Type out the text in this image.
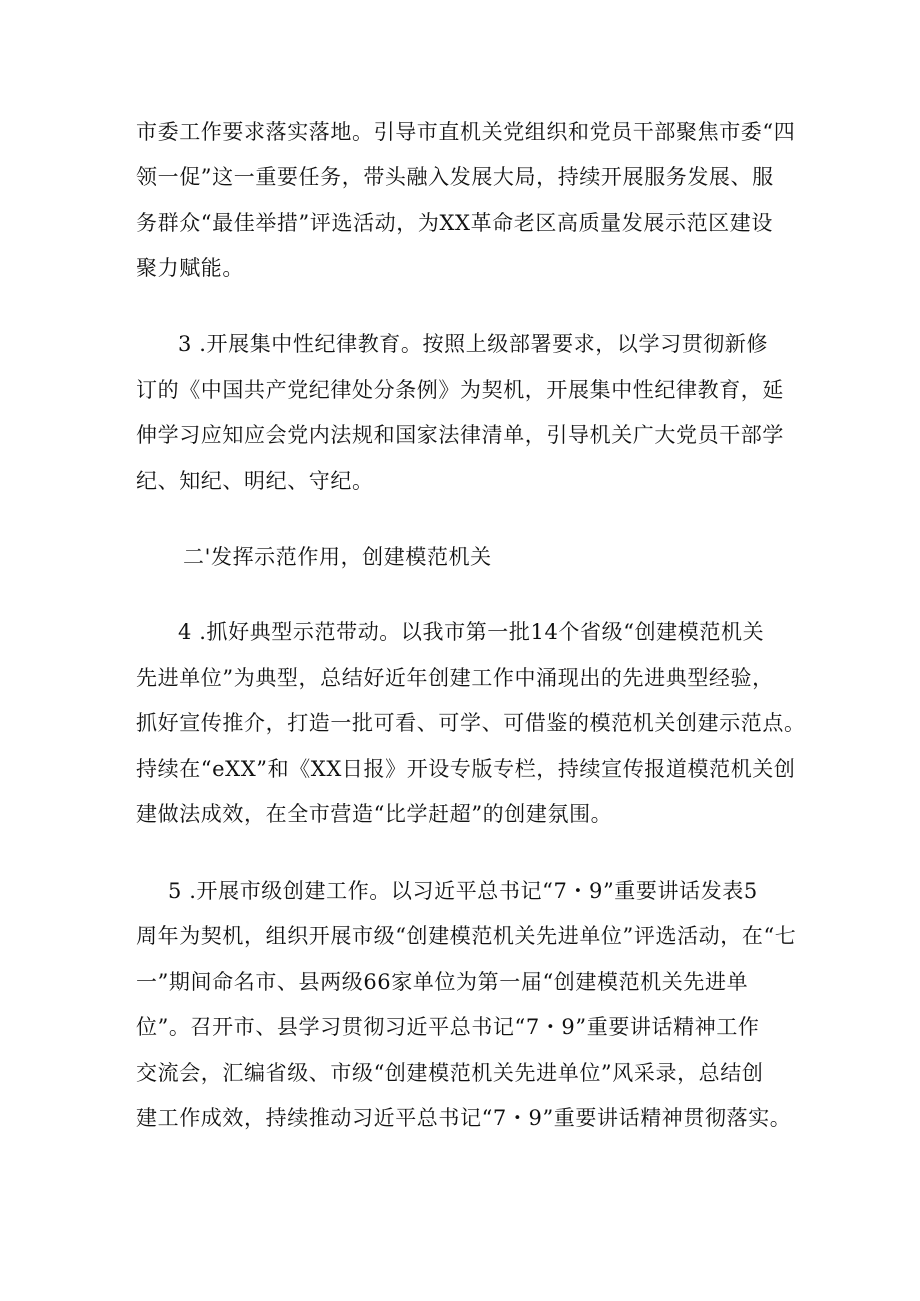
市委工作要求落实落地。引导市直机关党组织和党员干部聚焦市委“四
领一促”这一重要任务，带头融入发展大局，持续开展服务发展、服
务群众“最佳举措”评选活动，为XX革命老区高质量发展示范区建设
聚力赋能。
3 .开展集中性纪律教育。按照上级部署要求，以学习贯彻新修
订的《中国共产党纪律处分条例》为契机，开展集中性纪律教育，延
伸学习应知应会党内法规和国家法律清单，引导机关广大党员干部学
纪、知纪、明纪、守纪。
二'发挥示范作用，创建模范机关
4 .抓好典型示范带动。以我市第一批14个省级“创建模范机关
先进单位”为典型，总结好近年创建工作中涌现出的先进典型经验，
抓好宣传推介，打造一批可看、可学、可借鉴的模范机关创建示范点。
持续在“eXX”和《XX日报》开设专版专栏，持续宣传报道模范机关创
建做法成效，在全市营造“比学赶超”的创建氛围。
5 .开展市级创建工作。以习近平总书记“7・9”重要讲话发表5
周年为契机，组织开展市级“创建模范机关先进单位”评选活动，在“七
一”期间命名市、县两级66家单位为第一届“创建模范机关先进单
位”。召开市、县学习贯彻习近平总书记“7・9”重要讲话精神工作
交流会，汇编省级、市级“创建模范机关先进单位”风采录，总结创
建工作成效，持续推动习近平总书记“7・9”重要讲话精神贯彻落实。
